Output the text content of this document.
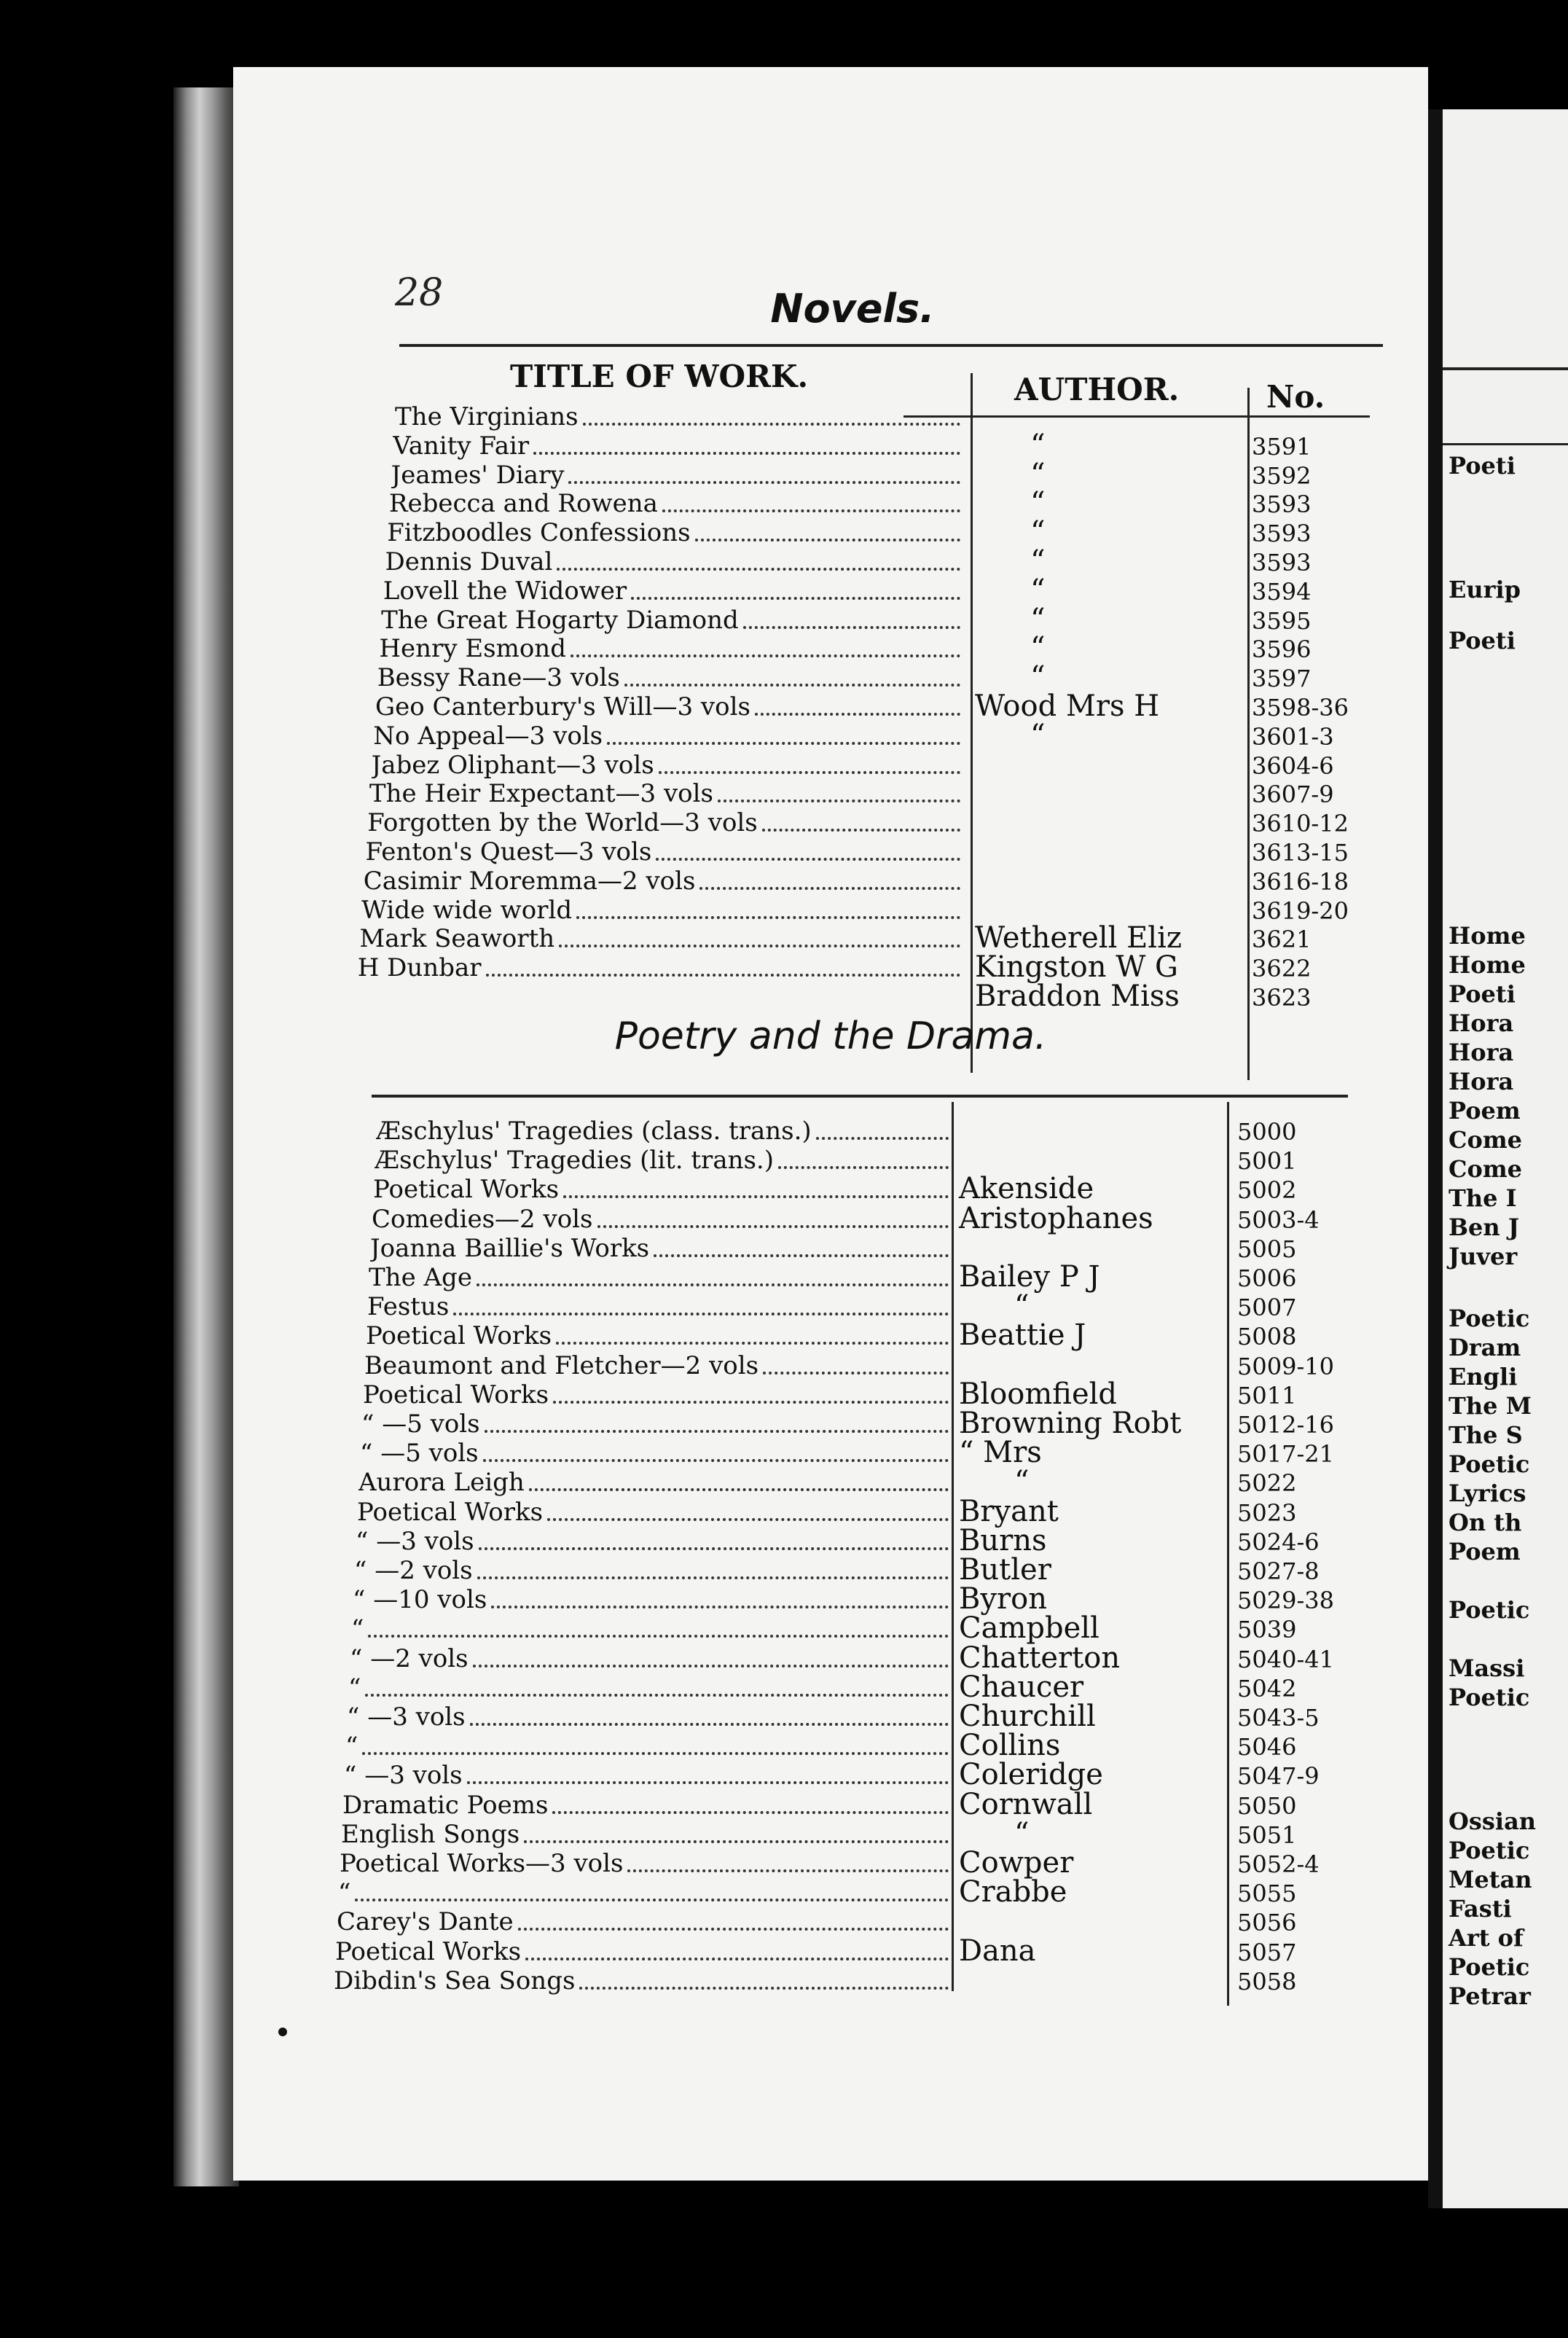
28	Novels.
TITLE OF WORK.	AUTHOR.	No.
The Virginians
Vanity Fair	“	3591
Jeames' Diary	“	3592
Rebecca and Rowena	“	3593
Fitzboodles Confessions	“	3593
Dennis Duval	“	3593
Lovell the Widower	“	3594
The Great Hogarty Diamond	“	3595
Henry Esmond	“	3596
Bessy Rane—3 vols	“	3597
Geo Canterbury's Will—3 vols	Wood Mrs H	3598-36
No Appeal—3 vols	“	3601-3
Jabez Oliphant—3 vols	3604-6
The Heir Expectant—3 vols	3607-9
Forgotten by the World—3 vols	3610-12
Fenton's Quest—3 vols	3613-15
Casimir Moremma—2 vols	3616-18
Wide wide world	3619-20
Mark Seaworth	Wetherell Eliz	3621
H Dunbar	Kingston W G	3622
Braddon Miss	3623
Poetry and the Drama.
Æschylus' Tragedies (class. trans.)	5000
Æschylus' Tragedies (lit. trans.)	5001
Poetical Works	Akenside	5002
Comedies—2 vols	Aristophanes	5003-4
Joanna Baillie's Works	5005
The Age	Bailey P J	5006
Festus	“	5007
Poetical Works	Beattie J	5008
Beaumont and Fletcher—2 vols	5009-10
Poetical Works	Bloomfield	5011
“ —5 vols	Browning Robt 5012-16
“ —5 vols	“ Mrs	5017-21
Aurora Leigh	“	5022
Poetical Works	Bryant	5023
“ —3 vols	Burns	5024-6
“ —2 vols	Butler	5027-8
“ —10 vols	Byron	5029-38
“	Campbell	5039
“ —2 vols	Chatterton	5040-41
“	Chaucer	5042
“ —3 vols	Churchill	5043-5
“	Collins	5046
“ —3 vols	Coleridge	5047-9
Dramatic Poems	Cornwall	5050
English Songs	“	5051
Poetical Works—3 vols	Cowper	5052-4
“	Crabbe	5055
Carey's Dante	5056
Poetical Works	Dana	5057
Dibdin's Sea Songs	5058
Poeti
Eurip
Poeti
Home
Home
Poeti
Hora
Hora
Hora
Poem
Come
Come
The I
Ben J
Juver
Poetic
Dram
Engli
The M
The S
Poetic
Lyrics
On th
Poem
Poetic
Massi
Poetic
Ossian
Poetic
Metan
Fasti
Art of
Poetic
Petrar
